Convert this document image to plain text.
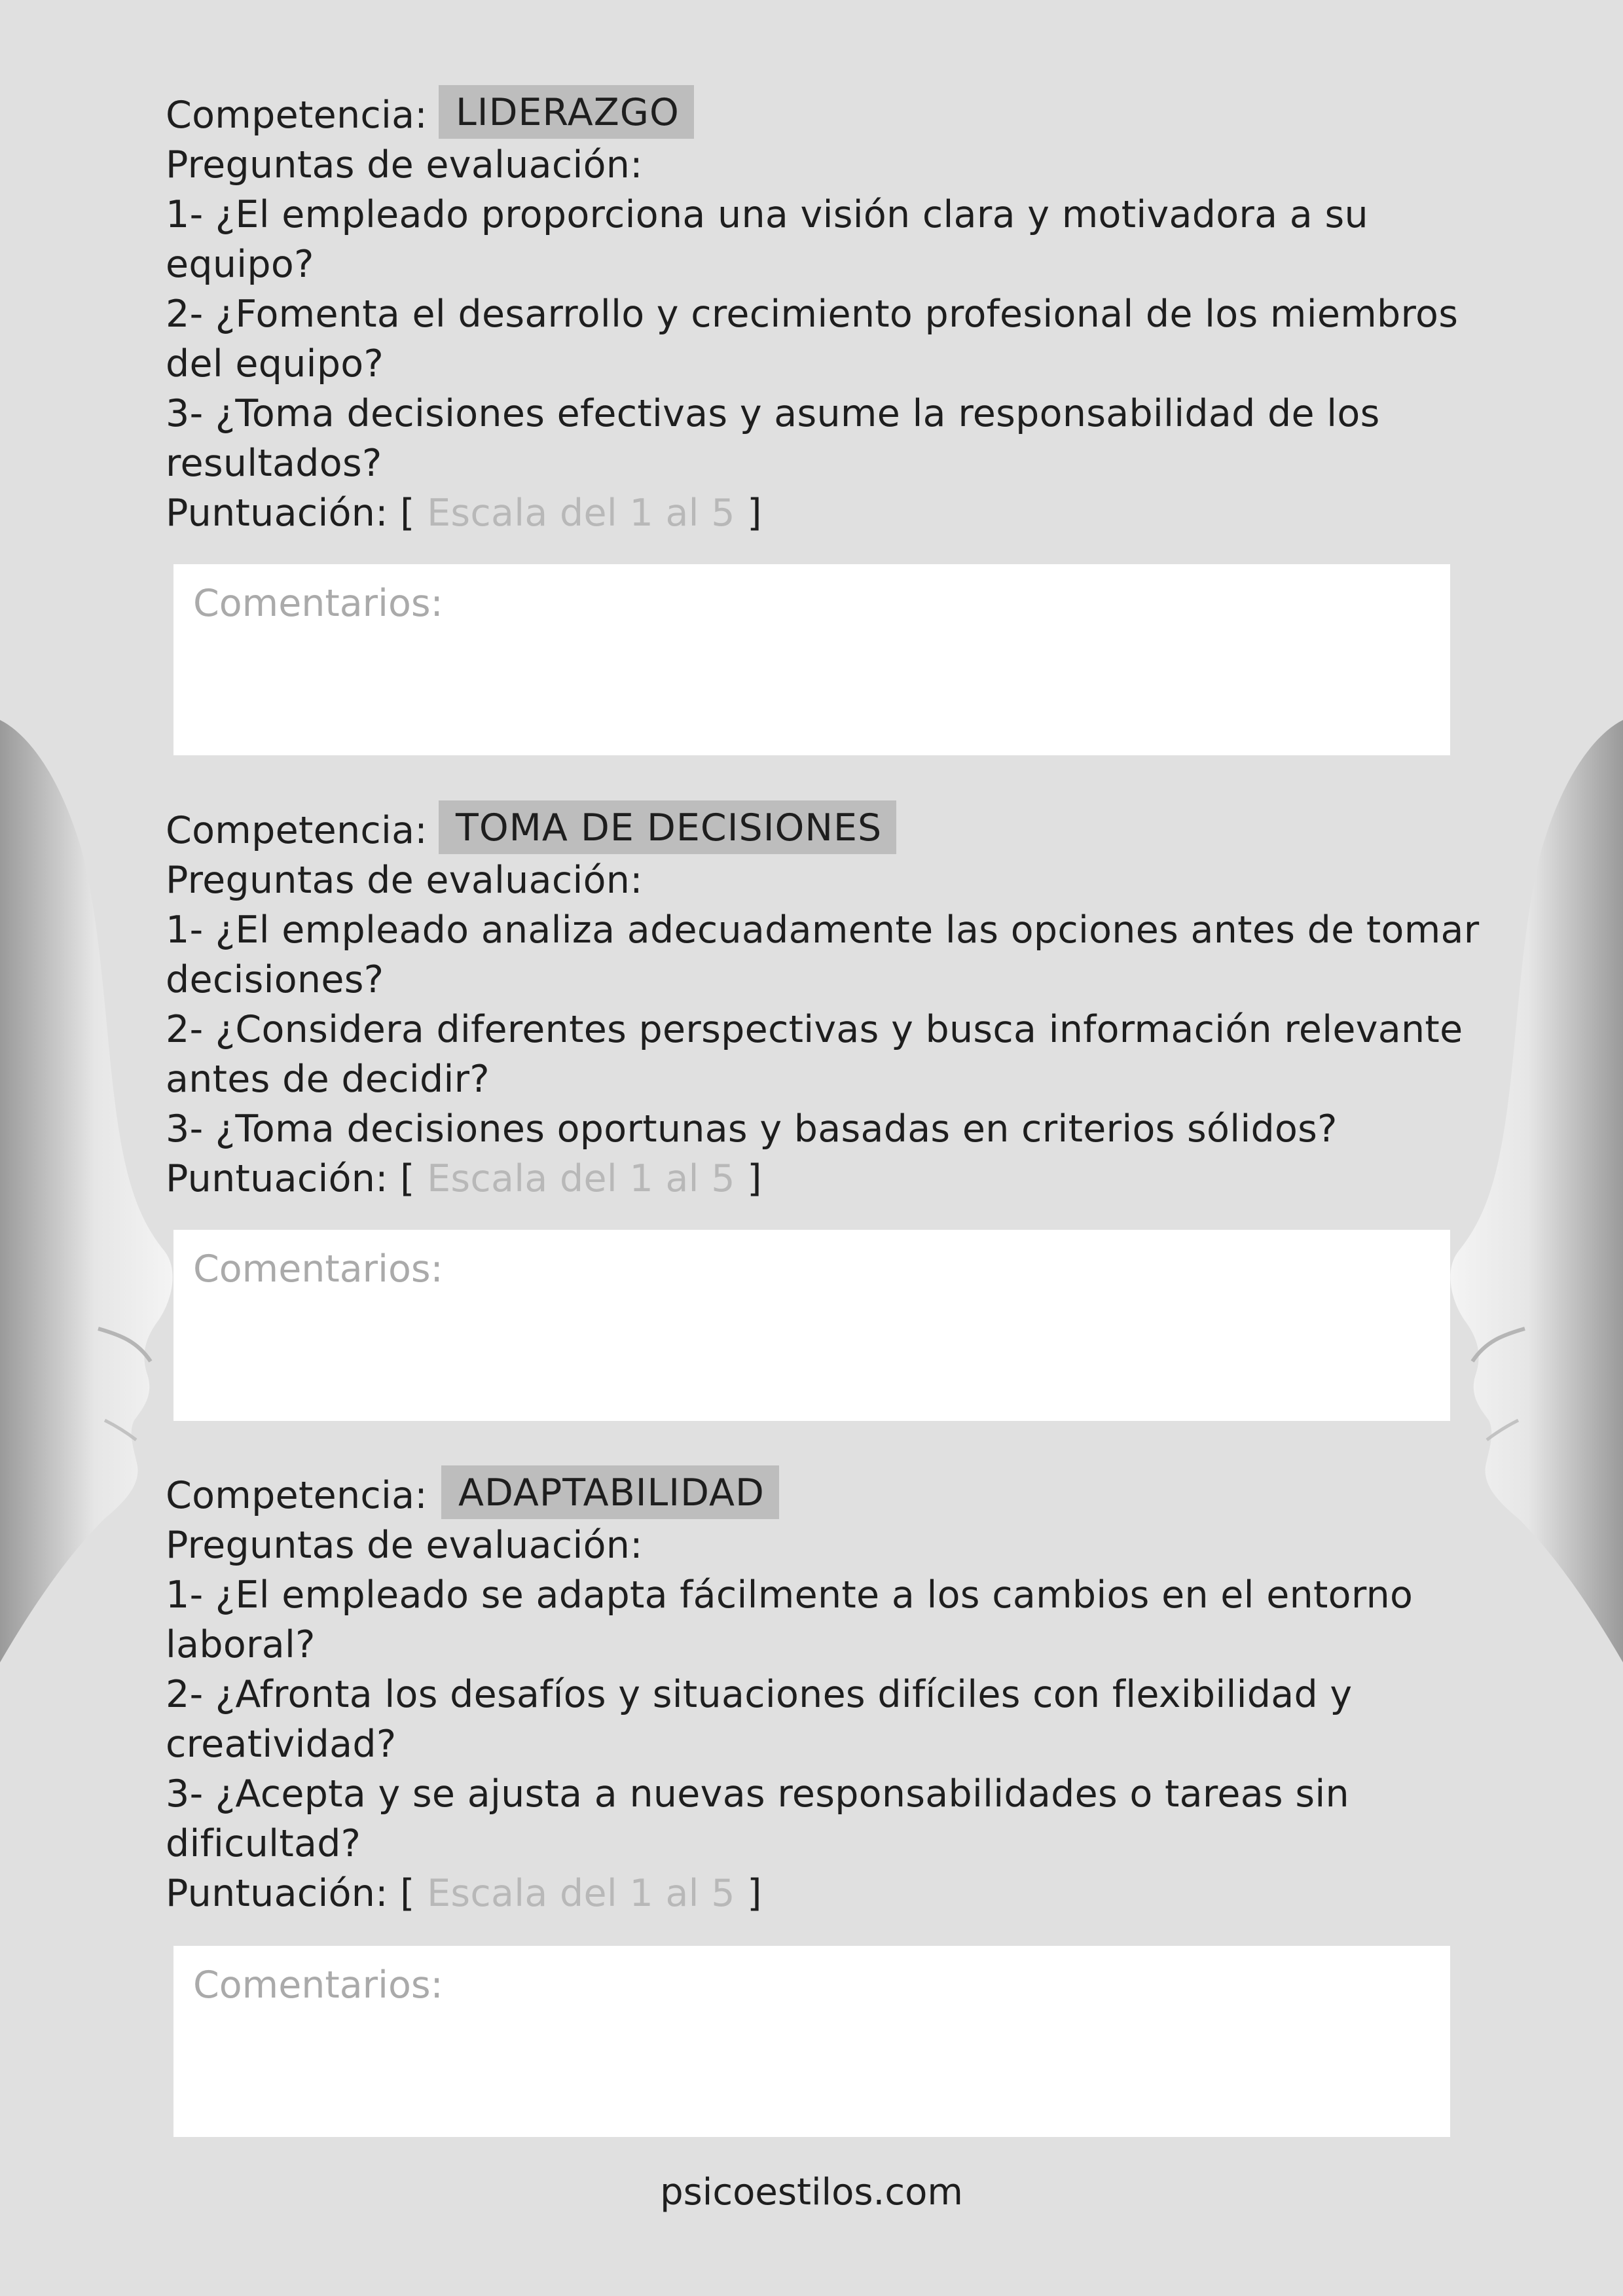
Competencia: LIDERAZGO
Preguntas de evaluación:
1- ¿El empleado proporciona una visión clara y motivadora a su
equipo?
2- ¿Fomenta el desarrollo y crecimiento profesional de los miembros
del equipo?
3- ¿Toma decisiones efectivas y asume la responsabilidad de los
resultados?
Puntuación: [ Escala del 1 al 5 ]
Comentarios:
Competencia: TOMA DE DECISIONES
Preguntas de evaluación:
1- ¿El empleado analiza adecuadamente las opciones antes de tomar
decisiones?
2- ¿Considera diferentes perspectivas y busca información relevante
antes de decidir?
3- ¿Toma decisiones oportunas y basadas en criterios sólidos?
Puntuación: [ Escala del 1 al 5 ]
Comentarios:
Competencia: ADAPTABILIDAD
Preguntas de evaluación:
1- ¿El empleado se adapta fácilmente a los cambios en el entorno
laboral?
2- ¿Afronta los desafíos y situaciones difíciles con flexibilidad y
creatividad?
3- ¿Acepta y se ajusta a nuevas responsabilidades o tareas sin
dificultad?
Puntuación: [ Escala del 1 al 5 ]
Comentarios:
psicoestilos.com
